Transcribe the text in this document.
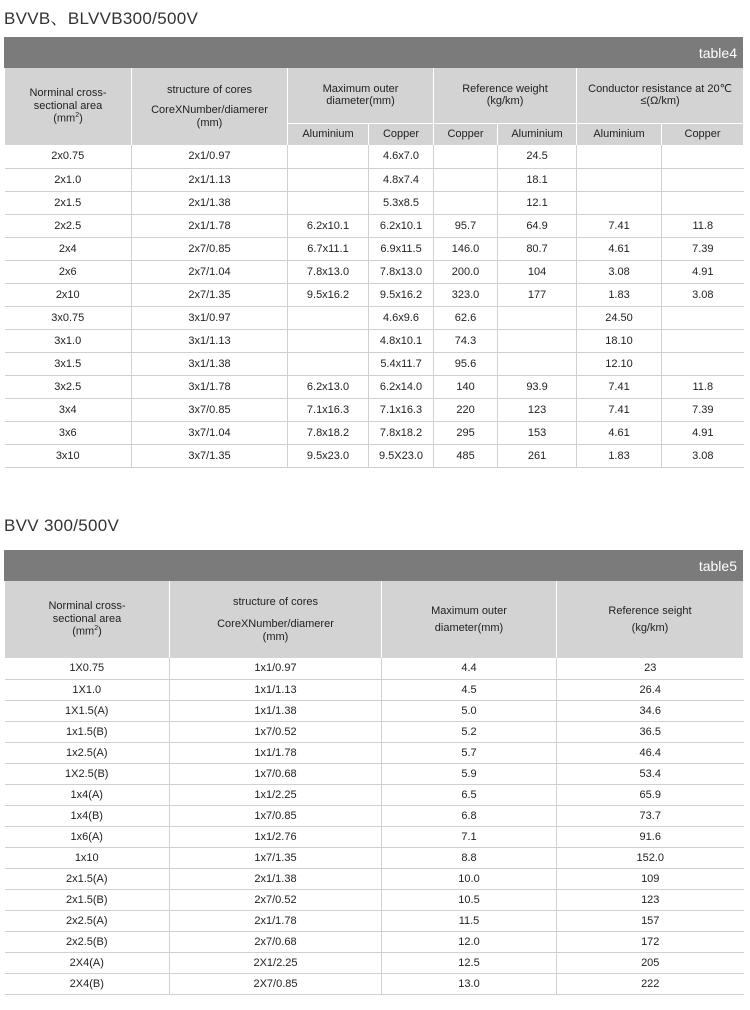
BVVB、BLVVB300/500V
table4
Norminal cross-
sectional area
$(mm^2)$	structure of cores
CoreXNumber/diamerer
(mm)	Maximum outer
diameter(mm)		Reference weight
(kg/km)		Conductor resistance at 20℃
≤(Ω/km)	

		Aluminium	Copper	Copper	Aluminium	Aluminium	Copper
2x0.75	2x1/0.97		4.6x7.0		24.5		
2x1.0	2x1/1.13		4.8x7.4		18.1		
2x1.5	2x1/1.38		5.3x8.5		12.1		
2x2.5	2x1/1.78	6.2x10.1	6.2x10.1	95.7	64.9	7.41	11.8
2x4	2x7/0.85	6.7x11.1	6.9x11.5	146.0	80.7	4.61	7.39
2x6	2x7/1.04	7.8x13.0	7.8x13.0	200.0	104	3.08	4.91
2x10	2x7/1.35	9.5x16.2	9.5x16.2	323.0	177	1.83	3.08
3x0.75	3x1/0.97		4.6x9.6	62.6		24.50	
3x1.0	3x1/1.13		4.8x10.1	74.3		18.10	
3x1.5	3x1/1.38		5.4x11.7	95.6		12.10	
3x2.5	3x1/1.78	6.2x13.0	6.2x14.0	140	93.9	7.41	11.8
3x4	3x7/0.85	7.1x16.3	7.1x16.3	220	123	7.41	7.39
3x6	3x7/1.04	7.8x18.2	7.8x18.2	295	153	4.61	4.91
3x10	3x7/1.35	9.5x23.0	9.5X23.0	485	261	1.83	3.08
BVV 300/500V
table5
Norminal cross-
sectional area
$(mm^2)$	structure of cores
CoreXNumber/diamerer
(mm)	Maximum outer
diameter(mm)	Reference seight
(kg/km)

1X0.75	1x1/0.97	4.4	23
1X1.0	1x1/1.13	4.5	26.4
1X1.5(A)	1x1/1.38	5.0	34.6
1x1.5(B)	1x7/0.52	5.2	36.5
1x2.5(A)	1x1/1.78	5.7	46.4
1X2.5(B)	1x7/0.68	5.9	53.4
1x4(A)	1x1/2.25	6.5	65.9
1x4(B)	1x7/0.85	6.8	73.7
1x6(A)	1x1/2.76	7.1	91.6
1x10	1x7/1.35	8.8	152.0
2x1.5(A)	2x1/1.38	10.0	109
2x1.5(B)	2x7/0.52	10.5	123
2x2.5(A)	2x1/1.78	11.5	157
2x2.5(B)	2x7/0.68	12.0	172
2X4(A)	2X1/2.25	12.5	205
2X4(B)	2X7/0.85	13.0	222
